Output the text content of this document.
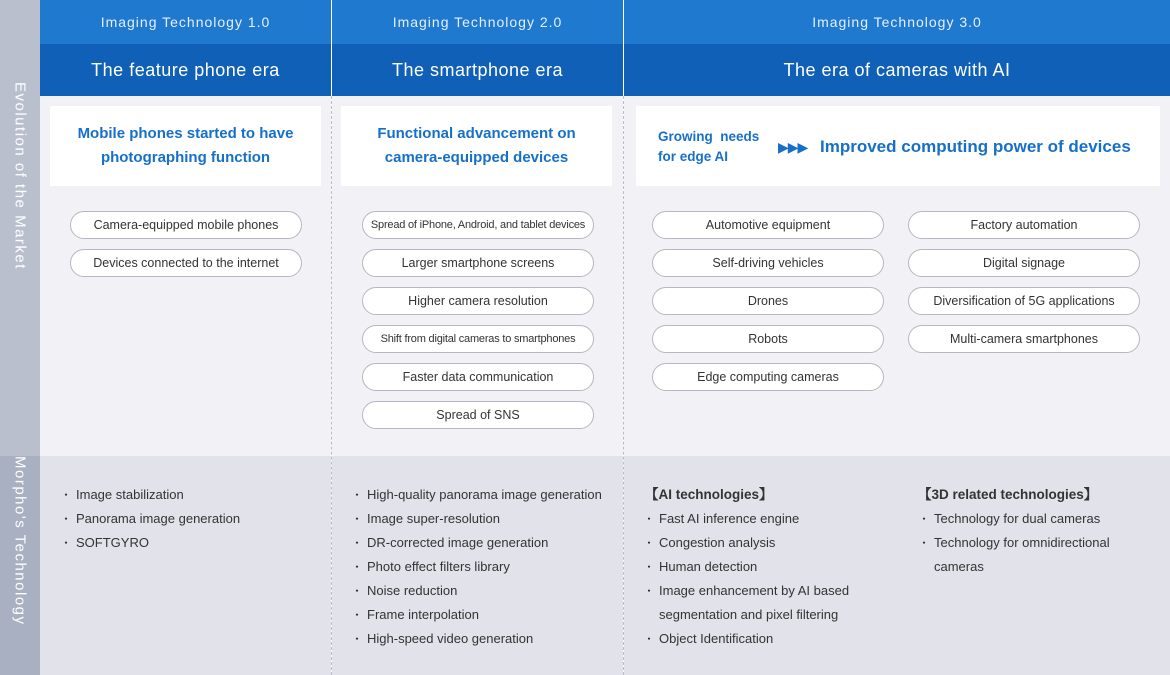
Evolution of the Market
Morpho's Technology
Imaging Technology 1.0
The feature phone era
Imaging Technology 2.0
The smartphone era
Imaging Technology 3.0
The era of cameras with AI
Mobile phones started to have
photographing function
Functional advancement on
camera-equipped devices
Growing  needs
for edge AI
▶▶▶ Improved computing power of devices
Camera-equipped mobile phones
Devices connected to the internet
Spread of iPhone, Android, and tablet devices
Larger smartphone screens
Higher camera resolution
Shift from digital cameras to smartphones
Faster data communication
Spread of SNS
Automotive equipment
Self-driving vehicles
Drones
Robots
Edge computing cameras
Factory automation
Digital signage
Diversification of 5G applications
Multi-camera smartphones
・ Image stabilization
・ Panorama image generation
・ SOFTGYRO
・ High-quality panorama image generation
・ Image super-resolution
・ DR-corrected image generation
・ Photo effect filters library
・ Noise reduction
・ Frame interpolation
・ High-speed video generation
【AI technologies】
・ Fast AI inference engine
・ Congestion analysis
・ Human detection
・ Image enhancement by AI based segmentation and pixel filtering
・ Object Identification
【3D related technologies】
・ Technology for dual cameras
・ Technology for omnidirectional cameras
